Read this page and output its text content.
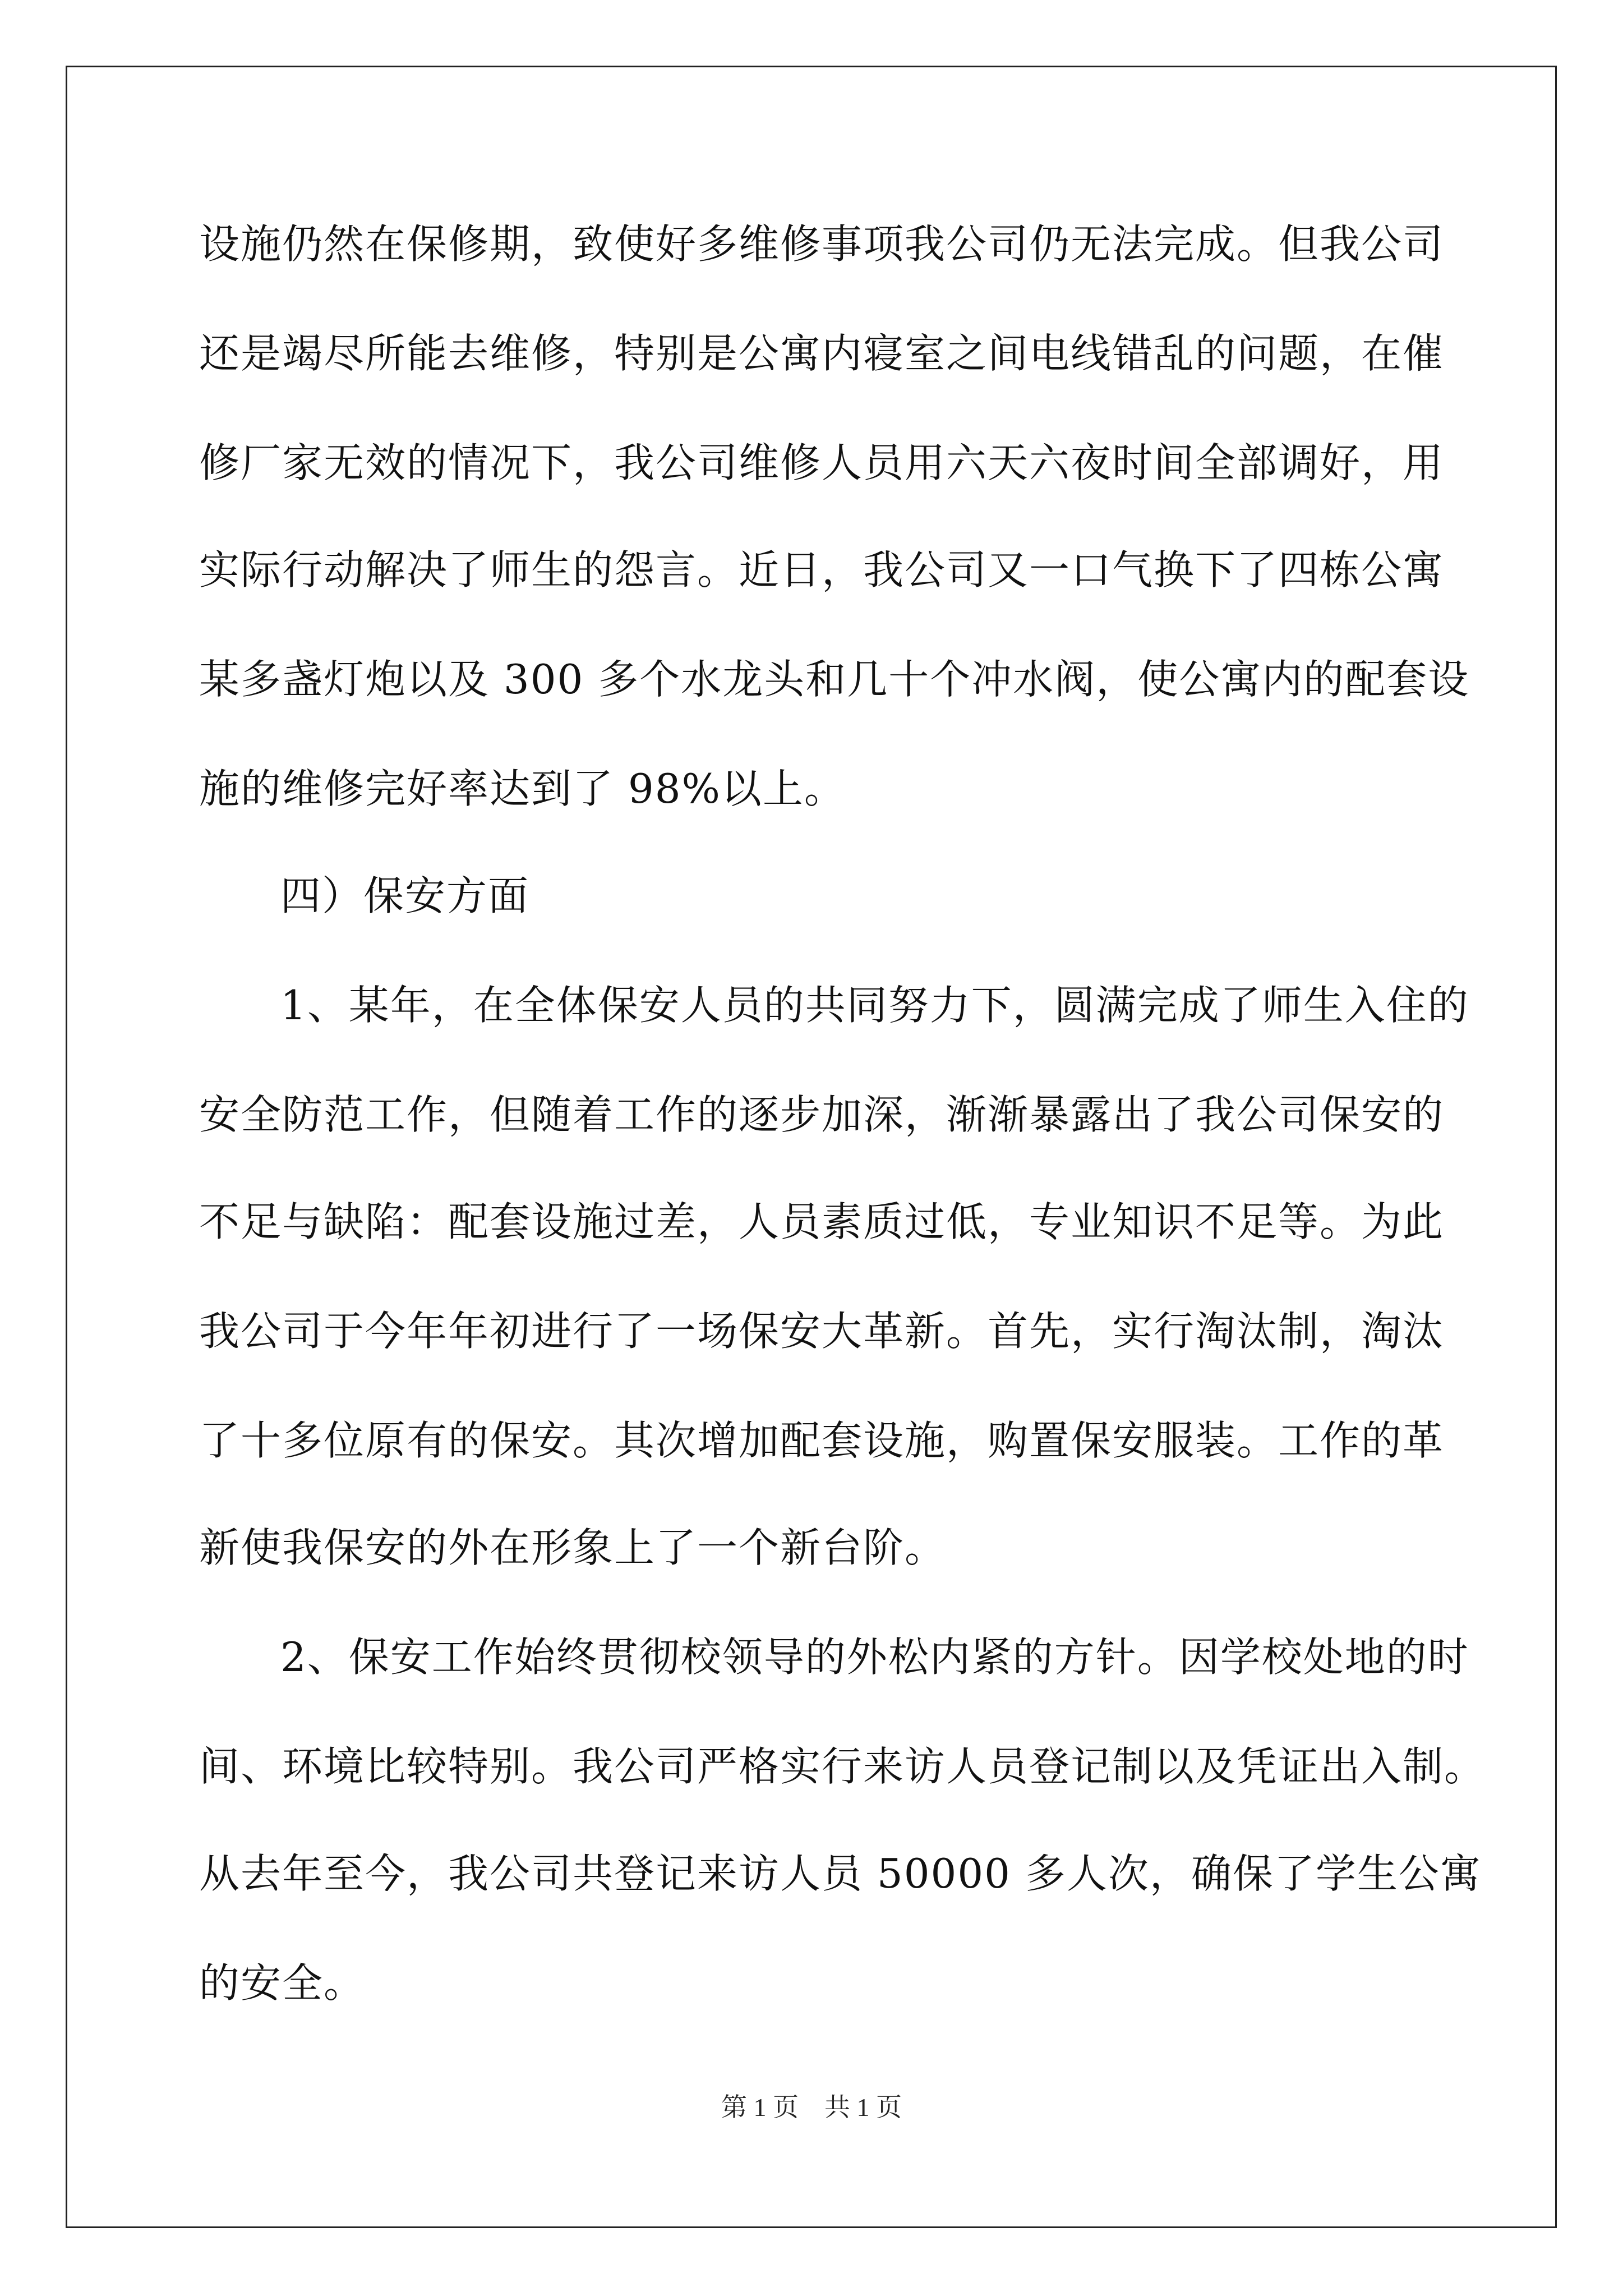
设施仍然在保修期，致使好多维修事项我公司仍无法完成。但我公司
还是竭尽所能去维修，特别是公寓内寝室之间电线错乱的问题，在催
修厂家无效的情况下，我公司维修人员用六天六夜时间全部调好，用
实际行动解决了师生的怨言。近日，我公司又一口气换下了四栋公寓
某多盏灯炮以及 300 多个水龙头和几十个冲水阀，使公寓内的配套设
施的维修完好率达到了 98%以上。
四）保安方面
1、某年，在全体保安人员的共同努力下，圆满完成了师生入住的
安全防范工作，但随着工作的逐步加深，渐渐暴露出了我公司保安的
不足与缺陷：配套设施过差，人员素质过低，专业知识不足等。为此
我公司于今年年初进行了一场保安大革新。首先，实行淘汰制，淘汰
了十多位原有的保安。其次增加配套设施，购置保安服装。工作的革
新使我保安的外在形象上了一个新台阶。
2、保安工作始终贯彻校领导的外松内紧的方针。因学校处地的时
间、环境比较特别。我公司严格实行来访人员登记制以及凭证出入制。
从去年至今，我公司共登记来访人员 50000 多人次，确保了学生公寓
的安全。
第 1 页　共 1 页
